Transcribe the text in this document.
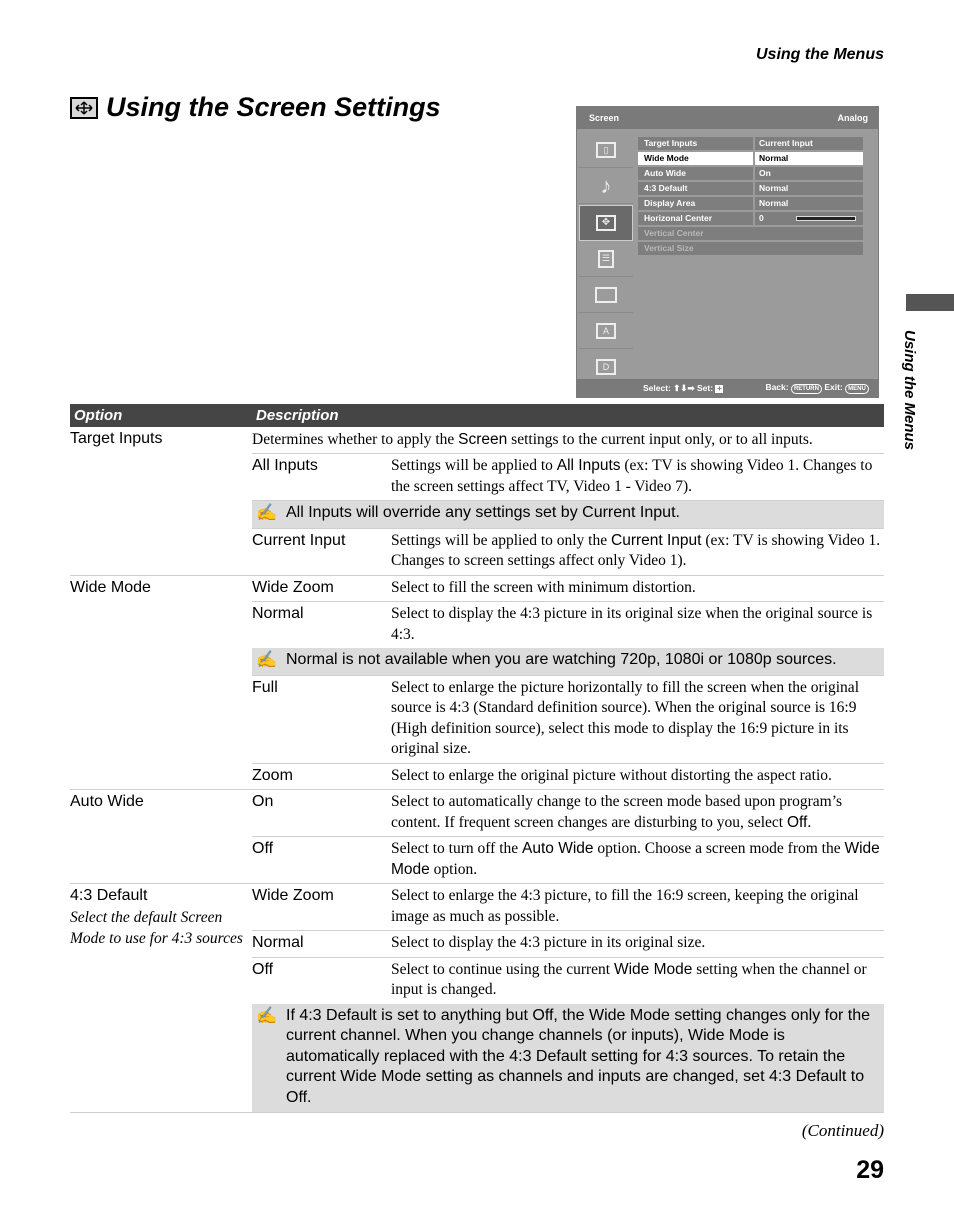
Using the Menus
Using the Screen Settings
Using the Menus
Screen	Analog
▯
♪
✥
☰
A
D
Target Inputs	Current Input
Wide Mode	Normal
Auto Wide	On
4:3 Default	Normal
Display Area	Normal
Horizonal Center	0
Vertical Center
Vertical Size
Select: ⬆⬇➡ Set: +	Back: RETURN Exit: MENU
Option	Description
Target Inputs	Determines whether to apply the Screen settings to the current input only, or to all inputs.
All Inputs	Settings will be applied to All Inputs (ex: TV is showing Video 1. Changes to the screen settings affect TV, Video 1 - Video 7).
✍ All Inputs will override any settings set by Current Input.
Current Input	Settings will be applied to only the Current Input (ex: TV is showing Video 1. Changes to screen settings affect only Video 1).
Wide Mode	Wide Zoom	Select to fill the screen with minimum distortion.
Normal	Select to display the 4:3 picture in its original size when the original source is 4:3.
✍ Normal is not available when you are watching 720p, 1080i or 1080p sources.
Full	Select to enlarge the picture horizontally to fill the screen when the original source is 4:3 (Standard definition source). When the original source is 16:9 (High definition source), select this mode to display the 16:9 picture in its original size.
Zoom	Select to enlarge the original picture without distorting the aspect ratio.
Auto Wide	On	Select to automatically change to the screen mode based upon program’s content. If frequent screen changes are disturbing to you, select Off.
Off	Select to turn off the Auto Wide option. Choose a screen mode from the Wide Mode option.
4:3 Default
Select the default Screen Mode to use for 4:3 sources
Wide Zoom	Select to enlarge the 4:3 picture, to fill the 16:9 screen, keeping the original image as much as possible.
Normal	Select to display the 4:3 picture in its original size.
Off	Select to continue using the current Wide Mode setting when the channel or input is changed.
✍ If 4:3 Default is set to anything but Off, the Wide Mode setting changes only for the current channel. When you change channels (or inputs), Wide Mode is automatically replaced with the 4:3 Default setting for 4:3 sources. To retain the current Wide Mode setting as channels and inputs are changed, set 4:3 Default to Off.
(Continued)
29
